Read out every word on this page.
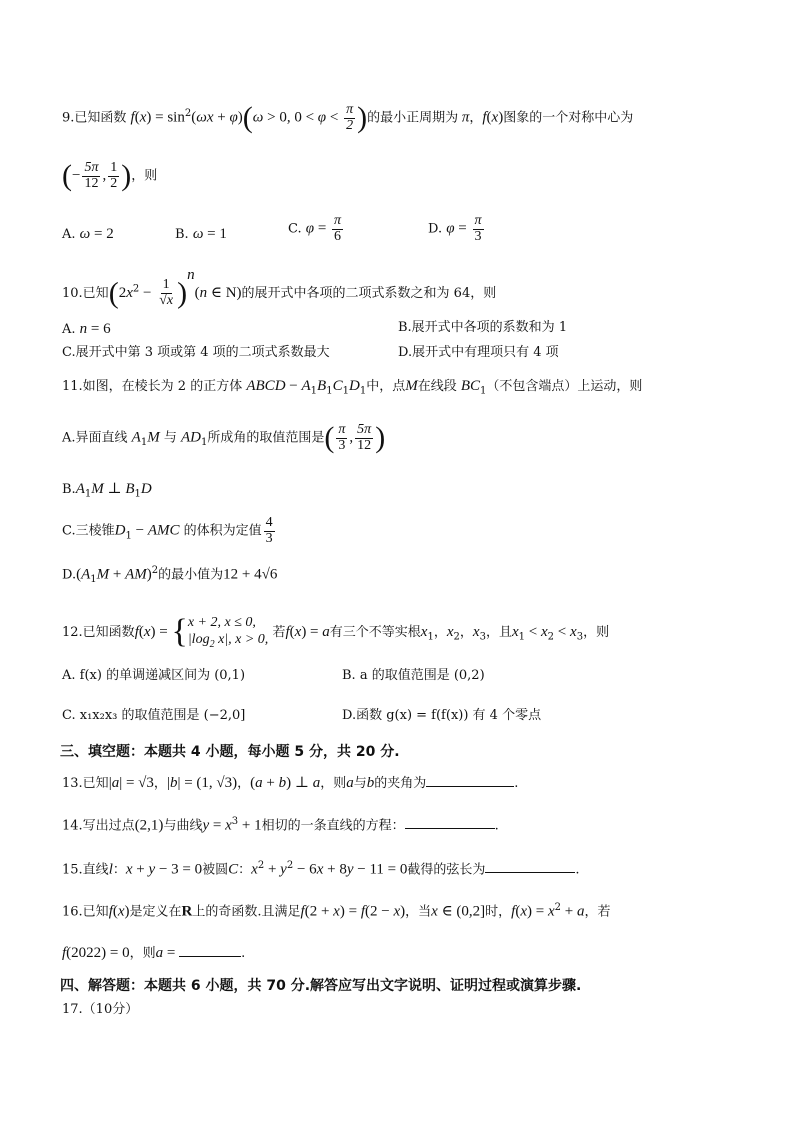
9.已知函数 $f(x) = \sin^2(\omega x + \varphi)(\omega > 0$, $0 < \varphi < \frac{\pi}{2}$ )的最小正周期为 π，f(x)图象的一个对称中心为
(− $\frac{5\pi}{12}$ , $\frac{1}{2}$ )，则
A. ω = 2	B. ω = 1	C. $\varphi = \frac{\pi}{6}$	D. $\varphi = \frac{\pi}{3}$
10.已知$(2x^2 - \frac{1}{√x} )^n(n$ ∈ N)的展开式中各项的二项式系数之和为 64，则
A. n = 6	B.展开式中各项的系数和为 1
C.展开式中第 3 项或第 4 项的二项式系数最大	D.展开式中有理项只有 4 项
11.如图，在棱长为 2 的正方体 ABCD − $A_1B_1C_1D_1$中，点M在线段 $BC_1$（不包含端点）上运动，则
A.异面直线 $A_1M$ 与 $AD_1$所成角的取值范围是( $\frac{\pi}{3}$ , $\frac{5\pi}{12}$ )
$B.A_1M$ ⊥ $B_1D$
C.三棱锥$D_1$ − AMC 的体积为定值 $\frac{4}{3}$
$D.(A_1M + AM)^2$的最小值为12 + 4√6
12.已知函数f(x) = { x + 2, x ≤ 0,
$|\log_2$ x|, x > 0, 若f(x) = a有三个不等实根$x_1$，$x_2$，$x_3$，且$x_1 < x_2 < x_3$，则
A. f(x) 的单调递减区间为 (0,1)	B. a 的取值范围是 (0,2)
C. x₁x₂x₃ 的取值范围是 (−2,0]	D.函数 g(x) = f(f(x)) 有 4 个零点
三、填空题：本题共 4 小题，每小题 5 分，共 20 分.
13.已知|a| = √3，|b| = (1, √3)，(a + b) ⊥ a，则a与b的夹角为	.
14.写出过点(2,1)与曲线$y = x^3 + 1$相切的一条直线的方程：	.
15.直线l：x + y − 3 = 0被圆C：$x^2 + y^2 - 6x + 8y - 11 = 0$截得的弦长为	.
16.已知f(x)是定义在R上的奇函数.且满足f(2 + x) = f(2 − x)，当x ∈ (0,2]时，$f(x) = x^2 + a$，若
f(2022) = 0，则a =	.
四、解答题：本题共 6 小题，共 70 分.解答应写出文字说明、证明过程或演算步骤.
17.（10分）
